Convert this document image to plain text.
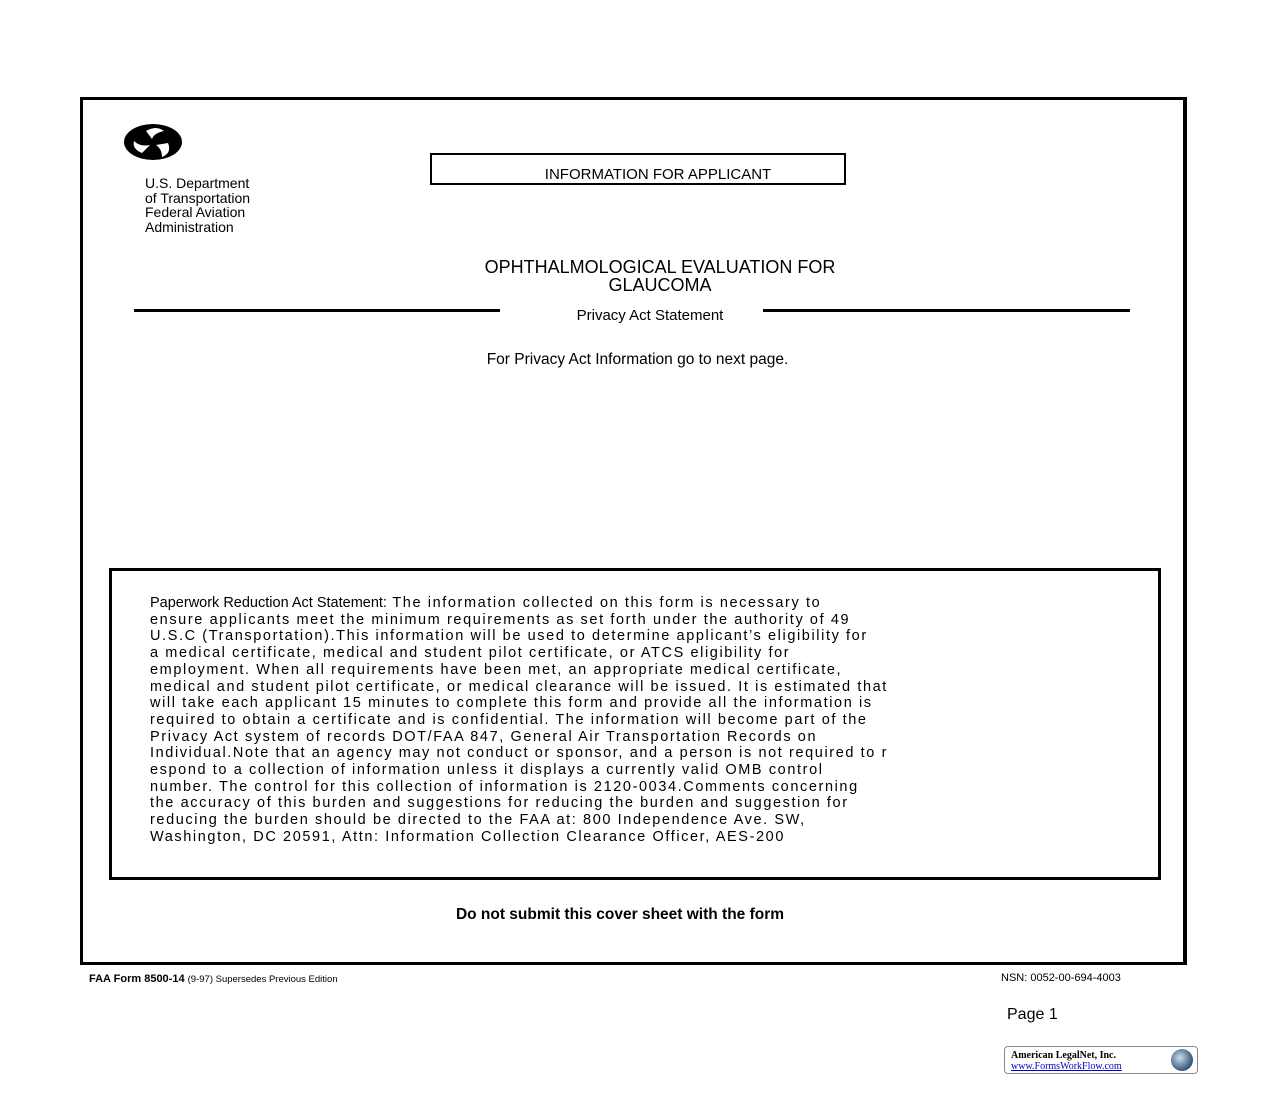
U.S. Department
of Transportation
Federal Aviation
Administration
INFORMATION FOR APPLICANT
OPHTHALMOLOGICAL EVALUATION FOR
GLAUCOMA
Privacy Act Statement
For Privacy Act Information go to next page.
Paperwork Reduction Act Statement: The information collected on this form is necessary to
ensure applicants meet the minimum requirements as set forth under the authority of 49
U.S.C (Transportation).This information will be used to determine applicant’s eligibility for
a medical certificate, medical and student pilot certificate, or ATCS eligibility for
employment. When all requirements have been met, an appropriate medical certificate,
medical and student pilot certificate, or medical clearance will be issued. It is estimated that
will take each applicant 15 minutes to complete this form and provide all the information is
required to obtain a certificate and is confidential. The information will become part of the
Privacy Act system of records DOT/FAA 847, General Air Transportation Records on
Individual.Note that an agency may not conduct or sponsor, and a person is not required to r
espond to a collection of information unless it displays a currently valid OMB control
number. The control for this collection of information is 2120-0034.Comments concerning
the accuracy of this burden and suggestions for reducing the burden and suggestion for
reducing the burden should be directed to the FAA at: 800 Independence Ave. SW,
Washington, DC 20591, Attn: Information Collection Clearance Officer, AES-200
Do not submit this cover sheet with the form
FAA Form 8500-14 (9-97) Supersedes Previous Edition	NSN: 0052-00-694-4003
Page 1
American LegalNet, Inc.
www.FormsWorkFlow.com
